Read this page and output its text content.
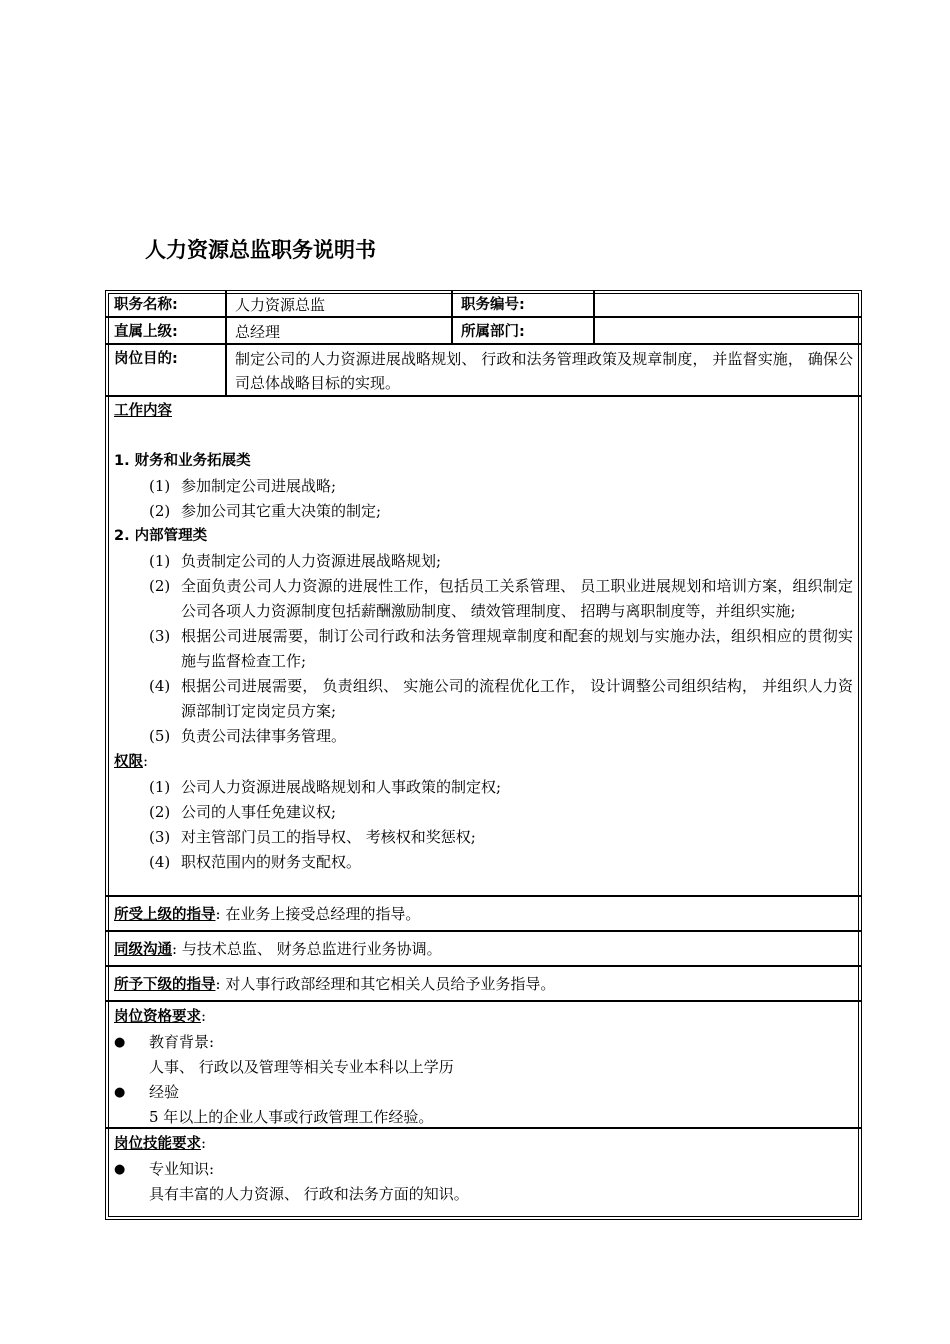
人力资源总监职务说明书
职务名称:	人力资源总监	职务编号:
直属上级:	总经理	所属部门:
岗位目的:	制定公司的人力资源进展战略规划、 行政和法务管理政策及规章制度， 并监督实施， 确保公司总体战略目标的实现。
工作内容
1. 财务和业务拓展类
(1) 参加制定公司进展战略;
(2) 参加公司其它重大决策的制定;
2. 内部管理类
(1) 负责制定公司的人力资源进展战略规划;
(2) 全面负责公司人力资源的进展性工作，包括员工关系管理、 员工职业进展规划和培训方案，组织制定公司各项人力资源制度包括薪酬激励制度、 绩效管理制度、 招聘与离职制度等，并组织实施;
(3) 根据公司进展需要，制订公司行政和法务管理规章制度和配套的规划与实施办法，组织相应的贯彻实施与监督检查工作;
(4) 根据公司进展需要， 负责组织、 实施公司的流程优化工作， 设计调整公司组织结构， 并组织人力资源部制订定岗定员方案;
(5) 负责公司法律事务管理。
权限:
(1) 公司人力资源进展战略规划和人事政策的制定权;
(2) 公司的人事任免建议权;
(3) 对主管部门员工的指导权、 考核权和奖惩权;
(4) 职权范围内的财务支配权。
所受上级的指导: 在业务上接受总经理的指导。
同级沟通: 与技术总监、 财务总监进行业务协调。
所予下级的指导: 对人事行政部经理和其它相关人员给予业务指导。
岗位资格要求:
●	教育背景:
人事、 行政以及管理等相关专业本科以上学历
●	经验
5 年以上的企业人事或行政管理工作经验。
岗位技能要求:
●	专业知识:
具有丰富的人力资源、 行政和法务方面的知识。
